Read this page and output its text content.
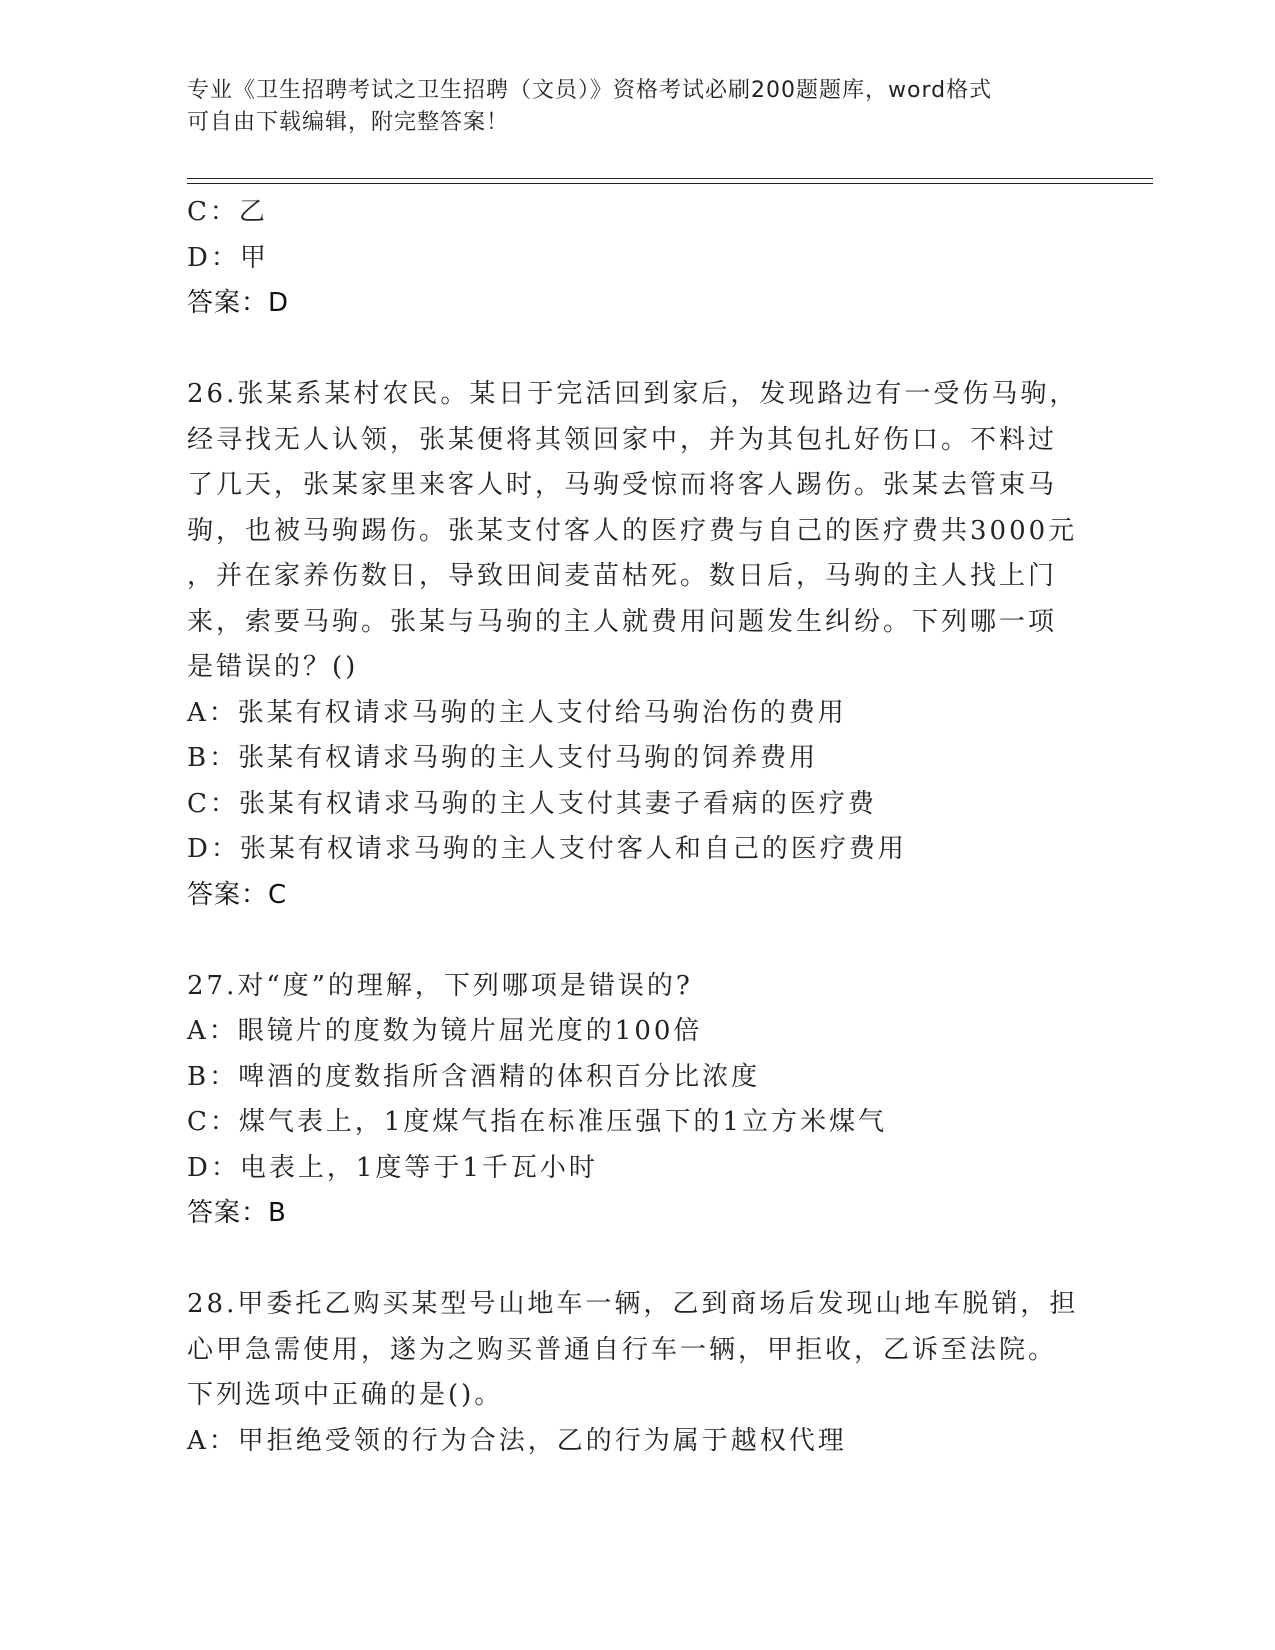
专业《卫生招聘考试之卫生招聘（文员）》资格考试必刷200题题库，word格式
可自由下载编辑，附完整答案！
C：乙
D：甲
答案：D
26.张某系某村农民。某日于完活回到家后，发现路边有一受伤马驹，
经寻找无人认领，张某便将其领回家中，并为其包扎好伤口。不料过
了几天，张某家里来客人时，马驹受惊而将客人踢伤。张某去管束马
驹，也被马驹踢伤。张某支付客人的医疗费与自己的医疗费共3000元
，并在家养伤数日，导致田间麦苗枯死。数日后，马驹的主人找上门
来，索要马驹。张某与马驹的主人就费用问题发生纠纷。下列哪一项
是错误的？()
A：张某有权请求马驹的主人支付给马驹治伤的费用
B：张某有权请求马驹的主人支付马驹的饲养费用
C：张某有权请求马驹的主人支付其妻子看病的医疗费
D：张某有权请求马驹的主人支付客人和自己的医疗费用
答案：C
27.对“度”的理解，下列哪项是错误的?
A：眼镜片的度数为镜片屈光度的100倍
B：啤酒的度数指所含酒精的体积百分比浓度
C：煤气表上，1度煤气指在标准压强下的1立方米煤气
D：电表上，1度等于1千瓦小时
答案：B
28.甲委托乙购买某型号山地车一辆，乙到商场后发现山地车脱销，担
心甲急需使用，遂为之购买普通自行车一辆，甲拒收，乙诉至法院。
下列选项中正确的是()。
A：甲拒绝受领的行为合法，乙的行为属于越权代理
